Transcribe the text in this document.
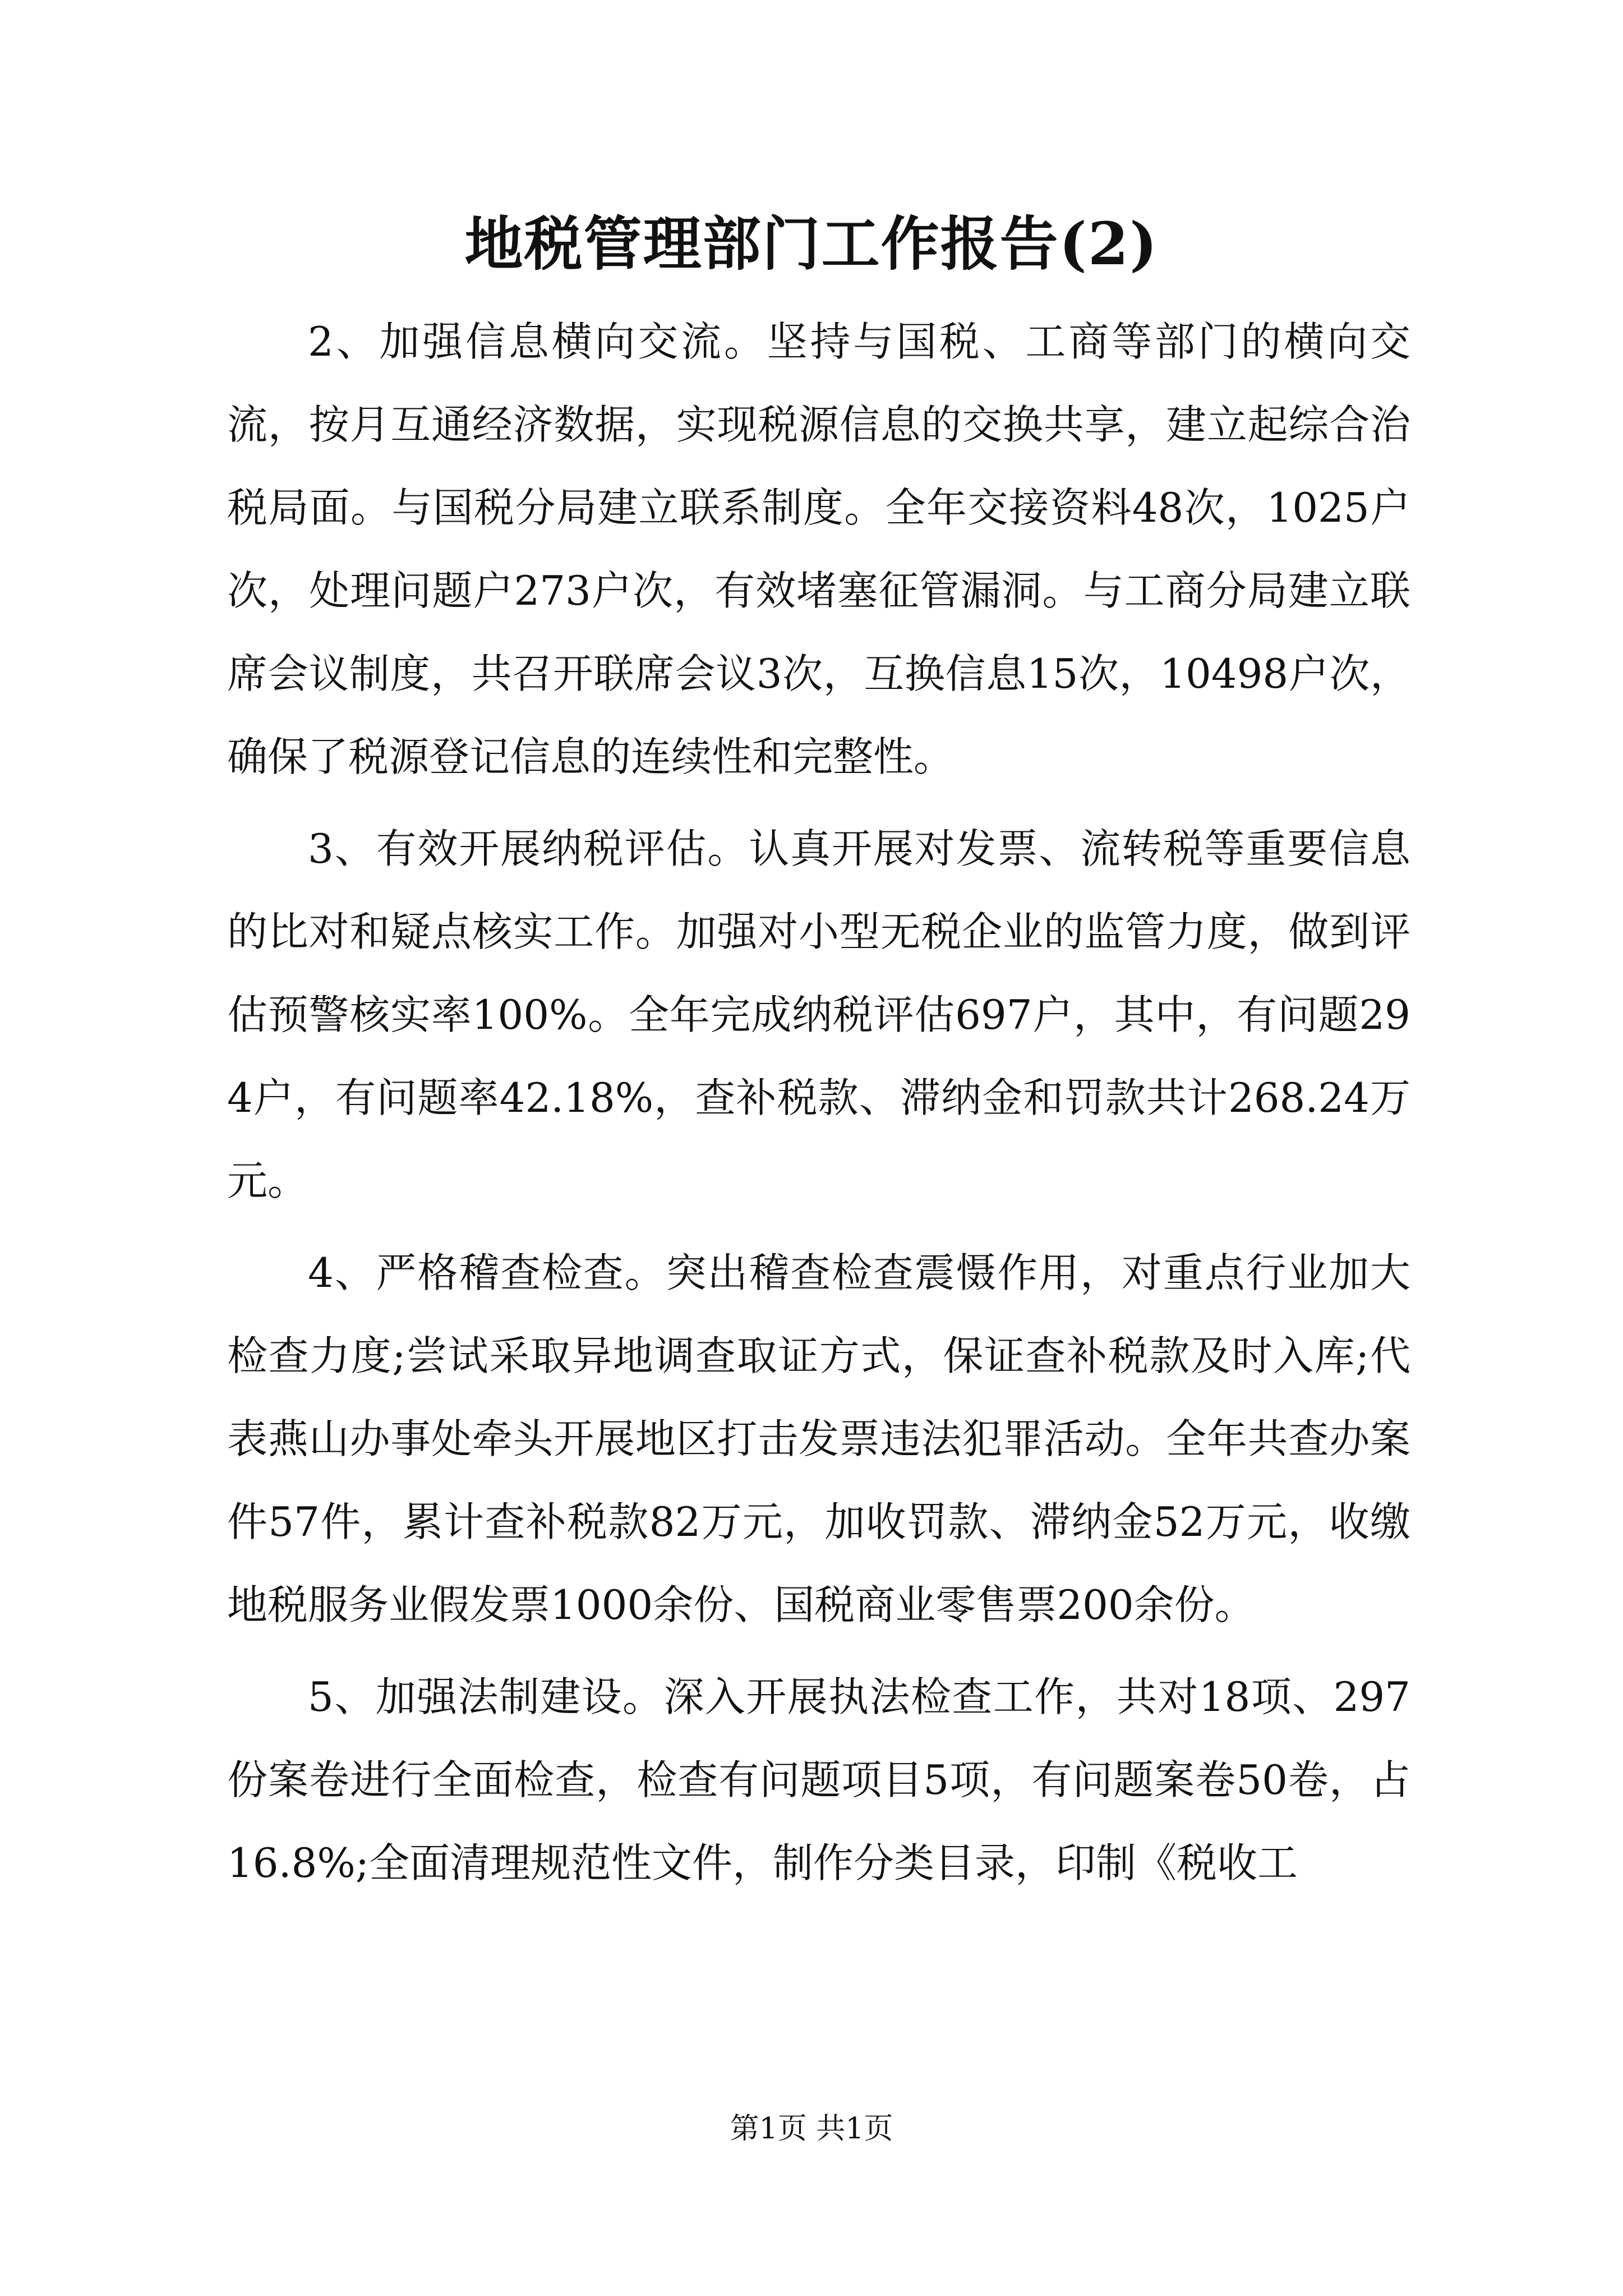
地税管理部门工作报告(2)

2、加强信息横向交流。坚持与国税、工商等部门的横向交流，按月互通经济数据，实现税源信息的交换共享，建立起综合治税局面。与国税分局建立联系制度。全年交接资料48次，1025户次，处理问题户273户次，有效堵塞征管漏洞。与工商分局建立联席会议制度，共召开联席会议3次，互换信息15次，10498户次，确保了税源登记信息的连续性和完整性。

3、有效开展纳税评估。认真开展对发票、流转税等重要信息的比对和疑点核实工作。加强对小型无税企业的监管力度，做到评估预警核实率100%。全年完成纳税评估697户，其中，有问题294户，有问题率42.18%，查补税款、滞纳金和罚款共计268.24万元。

4、严格稽查检查。突出稽查检查震慑作用，对重点行业加大检查力度;尝试采取异地调查取证方式，保证查补税款及时入库;代表燕山办事处牵头开展地区打击发票违法犯罪活动。全年共查办案件57件，累计查补税款82万元，加收罚款、滞纳金52万元，收缴地税服务业假发票1000余份、国税商业零售票200余份。

5、加强法制建设。深入开展执法检查工作，共对18项、297份案卷进行全面检查，检查有问题项目5项，有问题案卷50卷，占16.8%;全面清理规范性文件，制作分类目录，印制《税收工

第1页 共1页
